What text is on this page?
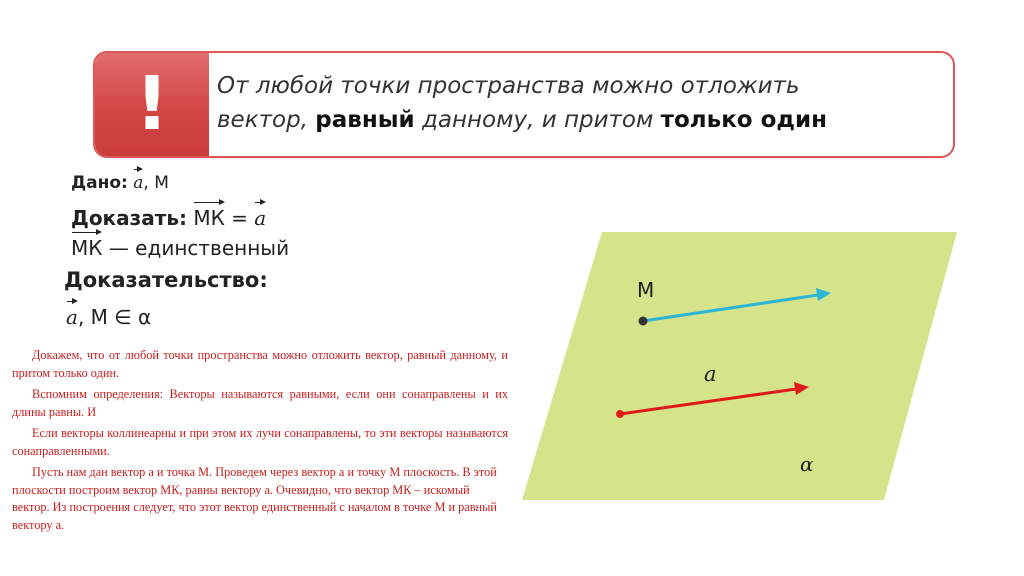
!	От любой точки пространства можно отложить
вектор, равный данному, и притом только один
Дано: a, М
Доказать: МК = a
МК — единственный
Доказательство:
a, М ∈ α

Докажем, что от любой точки пространства можно отложить вектор, равный данному, и притом только один.

Вспомним определения: Векторы называются равными, если они сонаправлены и их длины равны. И

Если векторы коллинеарны и при этом их лучи сонаправлены, то эти векторы называются сонаправленными.

Пусть нам дан вектор а и точка М. Проведем через вектор а и точку М плоскость. В этой плоскости построим вектор МК, равны вектору а. Очевидно, что вектор МК – искомый вектор. Из построения следует, что этот вектор единственный с началом в точке М и равный вектору а.

M
a
α
